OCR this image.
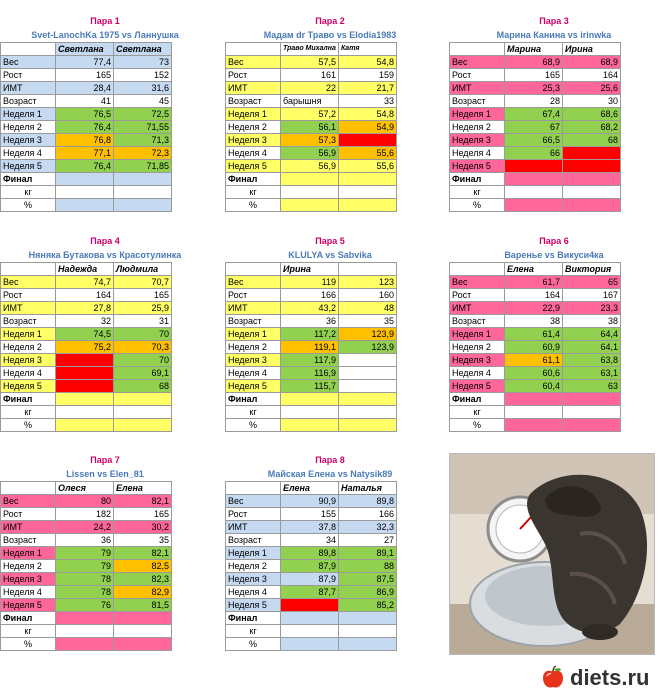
Пара 1
Svet-LanochKa 1975 vs Ланнушка
	Светлана	Светлана
Вес	77,4	73
Рост	165	152
ИМТ	28,4	31,6
Возраст	41	45
Неделя 1	76,5	72,5
Неделя 2	76,4	71,55
Неделя 3	76,8	71,3
Неделя 4	77,1	72,3
Неделя 5	76,4	71,85
Финал		
кг		
%		
Пара 2
Мадам dr Траво vs Elodia1983
	Траво Михална	Катя
Вес	57,5	54,8
Рост	161	159
ИМТ	22	21,7
Возраст	барышня	33
Неделя 1	57,2	54,8
Неделя 2	56,1	54,9
Неделя 3	57,3	
Неделя 4	56,9	55,6
Неделя 5	56,9	55,6
Финал		
кг		
%		
Пара 3
Марина Канина vs irinwka
	Марина	Ирина
Вес	68,9	68,9
Рост	165	164
ИМТ	25,3	25,6
Возраст	28	30
Неделя 1	67,4	68,6
Неделя 2	67	68,2
Неделя 3	66,5	68
Неделя 4	66	
Неделя 5		
Финал		
кг		
%		
Пара 4
Няняка Бутакова vs Красотулинка
	Надежда	Людмила
Вес	74,7	70,7
Рост	164	165
ИМТ	27,8	25,9
Возраст	32	31
Неделя 1	74,5	70
Неделя 2	75,2	70,3
Неделя 3		70
Неделя 4		69,1
Неделя 5		68
Финал		
кг		
%		
Пара 5
KLULYA vs Sabvika
	Ирина	
Вес	119	123
Рост	166	160
ИМТ	43,2	48
Возраст	36	35
Неделя 1	117,2	123,9
Неделя 2	119,1	123,9
Неделя 3	117,9	
Неделя 4	116,9	
Неделя 5	115,7	
Финал		
кг		
%		
Пара 6
Варенье vs Викуси4ка
	Елена	Виктория
Вес	61,7	65
Рост	164	167
ИМТ	22,9	23,3
Возраст	38	38
Неделя 1	61,4	64,4
Неделя 2	60,9	64,1
Неделя 3	61,1	63,8
Неделя 4	60,6	63,1
Неделя 5	60,4	63
Финал		
кг		
%		
Пара 7
Lissen vs Elen_81
	Олеся	Елена
Вес	80	82,1
Рост	182	165
ИМТ	24,2	30,2
Возраст	36	35
Неделя 1	79	82,1
Неделя 2	79	82,5
Неделя 3	78	82,3
Неделя 4	78	82,9
Неделя 5	76	81,5
Финал		
кг		
%		
Пара 8
Майская Елена vs Natysik89
	Елена	Наталья
Вес	90,9	89,8
Рост	155	166
ИМТ	37,8	32,3
Возраст	34	27
Неделя 1	89,8	89,1
Неделя 2	87,9	88
Неделя 3	87,9	87,5
Неделя 4	87,7	86,9
Неделя 5		85,2
Финал		
кг		
%		
diets.ru
